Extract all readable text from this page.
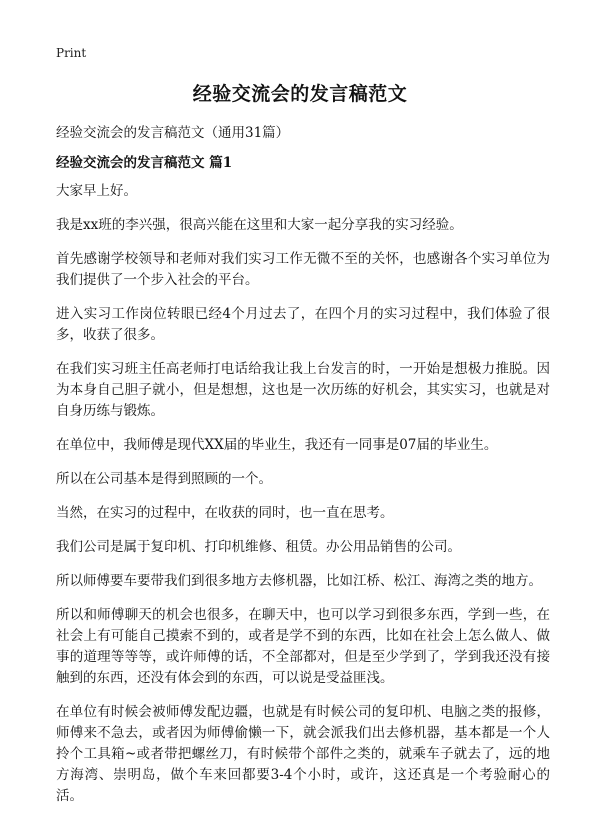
Print
经验交流会的发言稿范文
经验交流会的发言稿范文（通用31篇）
经验交流会的发言稿范文 篇1

大家早上好。

我是xx班的李兴强，很高兴能在这里和大家一起分享我的实习经验。

首先感谢学校领导和老师对我们实习工作无微不至的关怀，也感谢各个实习单位为我们提供了一个步入社会的平台。

进入实习工作岗位转眼已经4个月过去了，在四个月的实习过程中，我们体验了很多，收获了很多。

在我们实习班主任高老师打电话给我让我上台发言的时，一开始是想极力推脱。因为本身自己胆子就小，但是想想，这也是一次历练的好机会，其实实习，也就是对自身历练与锻炼。

在单位中，我师傅是现代XX届的毕业生，我还有一同事是07届的毕业生。

所以在公司基本是得到照顾的一个。

当然，在实习的过程中，在收获的同时，也一直在思考。

我们公司是属于复印机、打印机维修、租赁。办公用品销售的公司。

所以师傅要车要带我们到很多地方去修机器，比如江桥、松江、海湾之类的地方。

所以和师傅聊天的机会也很多，在聊天中，也可以学习到很多东西，学到一些，在社会上有可能自己摸索不到的，或者是学不到的东西，比如在社会上怎么做人、做事的道理等等等，或许师傅的话，不全部都对，但是至少学到了，学到我还没有接触到的东西，还没有体会到的东西，可以说是受益匪浅。

在单位有时候会被师傅发配边疆，也就是有时候公司的复印机、电脑之类的报修，师傅来不急去，或者因为师傅偷懒一下，就会派我们出去修机器，基本都是一个人拎个工具箱~或者带把螺丝刀，有时候带个部件之类的，就乘车子就去了，远的地方海湾、崇明岛，做个车来回都要3-4个小时，或许，这还真是一个考验耐心的活。
